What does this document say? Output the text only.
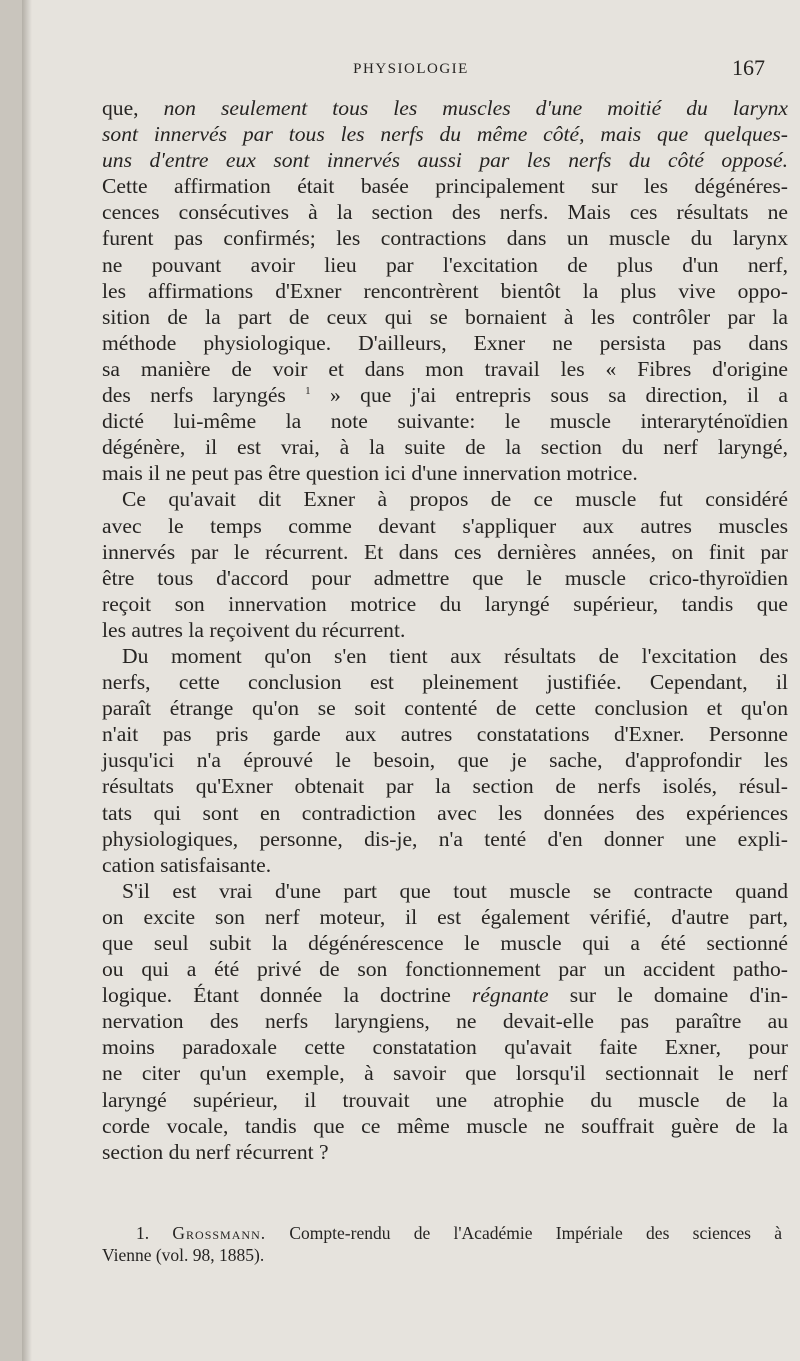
PHYSIOLOGIE	167
que, non seulement tous les muscles d'une moitié du larynx
sont innervés par tous les nerfs du même côté, mais que quelques-
uns d'entre eux sont innervés aussi par les nerfs du côté opposé.
Cette affirmation était basée principalement sur les dégénéres-
cences consécutives à la section des nerfs. Mais ces résultats ne
furent pas confirmés; les contractions dans un muscle du larynx
ne pouvant avoir lieu par l'excitation de plus d'un nerf,
les affirmations d'Exner rencontrèrent bientôt la plus vive oppo-
sition de la part de ceux qui se bornaient à les contrôler par la
méthode physiologique. D'ailleurs, Exner ne persista pas dans
sa manière de voir et dans mon travail les « Fibres d'origine
des nerfs laryngés $^1$ » que j'ai entrepris sous sa direction, il a
dicté lui-même la note suivante: le muscle interaryténoïdien
dégénère, il est vrai, à la suite de la section du nerf laryngé,
mais il ne peut pas être question ici d'une innervation motrice.
Ce qu'avait dit Exner à propos de ce muscle fut considéré
avec le temps comme devant s'appliquer aux autres muscles
innervés par le récurrent. Et dans ces dernières années, on finit par
être tous d'accord pour admettre que le muscle crico-thyroïdien
reçoit son innervation motrice du laryngé supérieur, tandis que
les autres la reçoivent du récurrent.
Du moment qu'on s'en tient aux résultats de l'excitation des
nerfs, cette conclusion est pleinement justifiée. Cependant, il
paraît étrange qu'on se soit contenté de cette conclusion et qu'on
n'ait pas pris garde aux autres constatations d'Exner. Personne
jusqu'ici n'a éprouvé le besoin, que je sache, d'approfondir les
résultats qu'Exner obtenait par la section de nerfs isolés, résul-
tats qui sont en contradiction avec les données des expériences
physiologiques, personne, dis-je, n'a tenté d'en donner une expli-
cation satisfaisante.
S'il est vrai d'une part que tout muscle se contracte quand
on excite son nerf moteur, il est également vérifié, d'autre part,
que seul subit la dégénérescence le muscle qui a été sectionné
ou qui a été privé de son fonctionnement par un accident patho-
logique. Étant donnée la doctrine régnante sur le domaine d'in-
nervation des nerfs laryngiens, ne devait-elle pas paraître au
moins paradoxale cette constatation qu'avait faite Exner, pour
ne citer qu'un exemple, à savoir que lorsqu'il sectionnait le nerf
laryngé supérieur, il trouvait une atrophie du muscle de la
corde vocale, tandis que ce même muscle ne souffrait guère de la
section du nerf récurrent ?
1. Grossmann. Compte-rendu de l'Académie Impériale des sciences à
Vienne (vol. 98, 1885).
